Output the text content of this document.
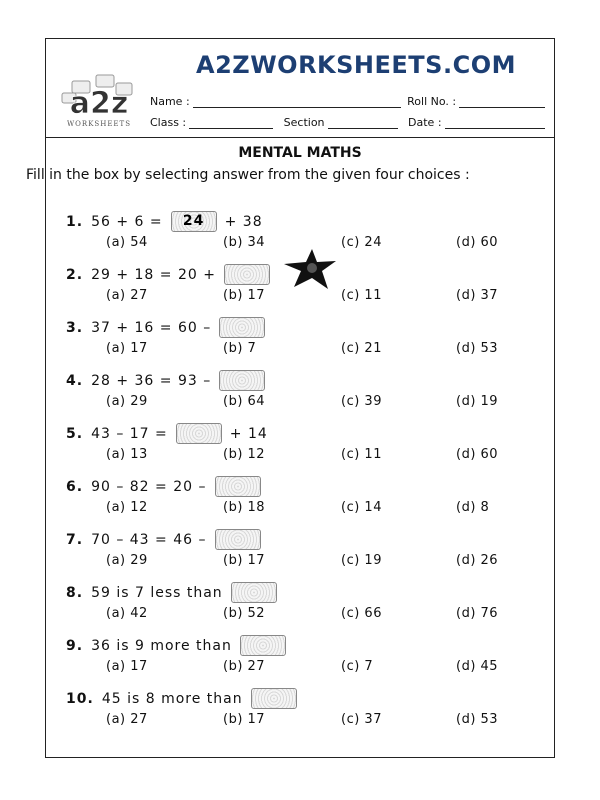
A2ZWORKSHEETS.COM
a2z
WORKSHEETS
Name :	Roll No. :
Class :	Section	Date :
MENTAL MATHS
Fill in the box by selecting answer from the given four choices :
1. 56 + 6 =	24	+ 38
(a) 54	(b) 34	(c) 24	(d) 60
2. 29 + 18 = 20 +
(a) 27	(b) 17	(c) 11	(d) 37
3. 37 + 16 = 60 –
(a) 17	(b) 7	(c) 21	(d) 53
4. 28 + 36 = 93 –
(a) 29	(b) 64	(c) 39	(d) 19
5. 43 – 17 =	+ 14
(a) 13	(b) 12	(c) 11	(d) 60
6. 90 – 82 = 20 –
(a) 12	(b) 18	(c) 14	(d) 8
7. 70 – 43 = 46 –
(a) 29	(b) 17	(c) 19	(d) 26
8. 59 is 7 less than
(a) 42	(b) 52	(c) 66	(d) 76
9. 36 is 9 more than
(a) 17	(b) 27	(c) 7	(d) 45
10. 45 is 8 more than
(a) 27	(b) 17	(c) 37	(d) 53
